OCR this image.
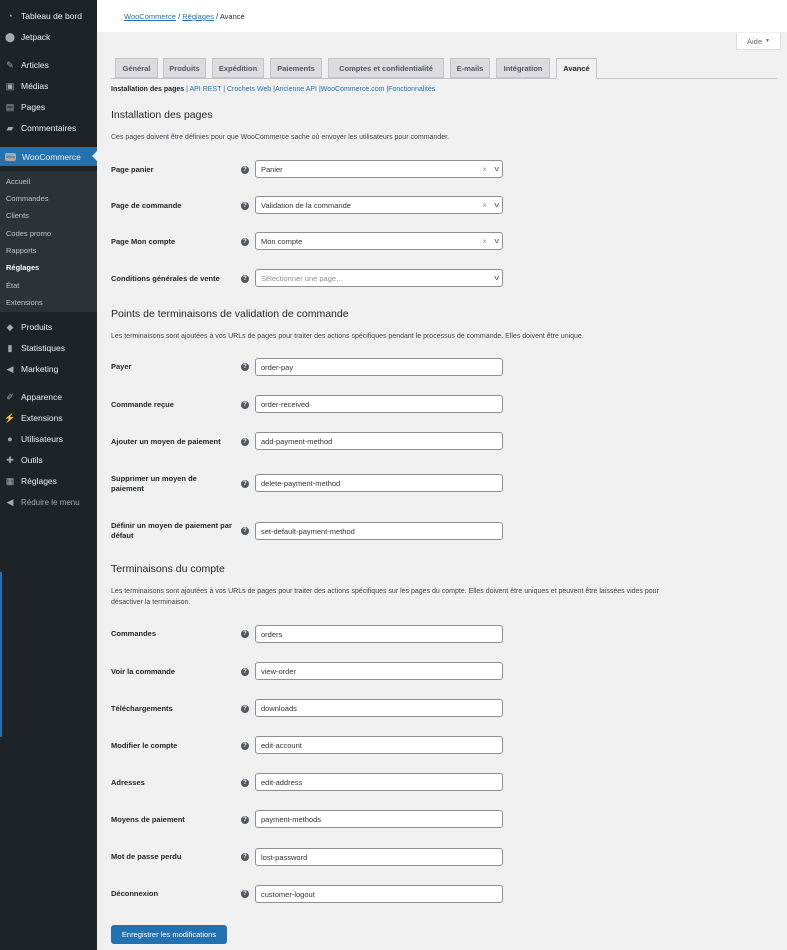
◔ Tableau de bord
⬤ Jetpack
✎ Articles
▣ Médias
▤ Pages
▰ Commentaires
Woo WooCommerce
Accueil
Commandes
Clients
Codes promo
Rapports
Réglages
État
Extensions
◆ Produits
▮ Statistiques
◀ Marketing
✐ Apparence
⚡ Extensions
● Utilisateurs
✚ Outils
▦ Réglages
◀ Réduire le menu
WooCommerce / Réglages / Avancé
Aide ▼
Général	Produits	Expédition	Paiements	Comptes et confidentialité	E-mails	Intégration	Avancé
Installation des pages | API REST | Crochets Web |Ancienne API |WooCommerce.com |Fonctionnalités
Installation des pages

Ces pages doivent être définies pour que WooCommerce sache où envoyer les utilisateurs pour commander.

Page panier	? Panier	× v
Page de commande	? Validation de la commande	× v
Page Mon compte	? Mon compte	× v
Conditions générales de vente	? Sélectionner une page…	v
Points de terminaisons de validation de commande

Les terminaisons sont ajoutées à vos URLs de pages pour traiter des actions spécifiques pendant le processus de commande. Elles doivent être unique.

Payer	?
order-pay
Commande reçue	?
order-received
Ajouter un moyen de paiement	?
add-payment-method
Supprimer un moyen de paiement	?
delete-payment-method
Définir un moyen de paiement par défaut	?
set-default-payment-method
Terminaisons du compte

Les terminaisons sont ajoutées à vos URLs de pages pour traiter des actions spécifiques sur les pages du compte. Elles doivent être uniques et peuvent être laissées vides pour
désactiver la terminaison.

Commandes	?
orders
Voir la commande	?
view-order
Téléchargements	?
downloads
Modifier le compte	?
edit-account
Adresses	?
edit-address
Moyens de paiement	?
payment-methods
Mot de passe perdu	?
lost-password
Déconnexion	?
customer-logout
Enregistrer les modifications
